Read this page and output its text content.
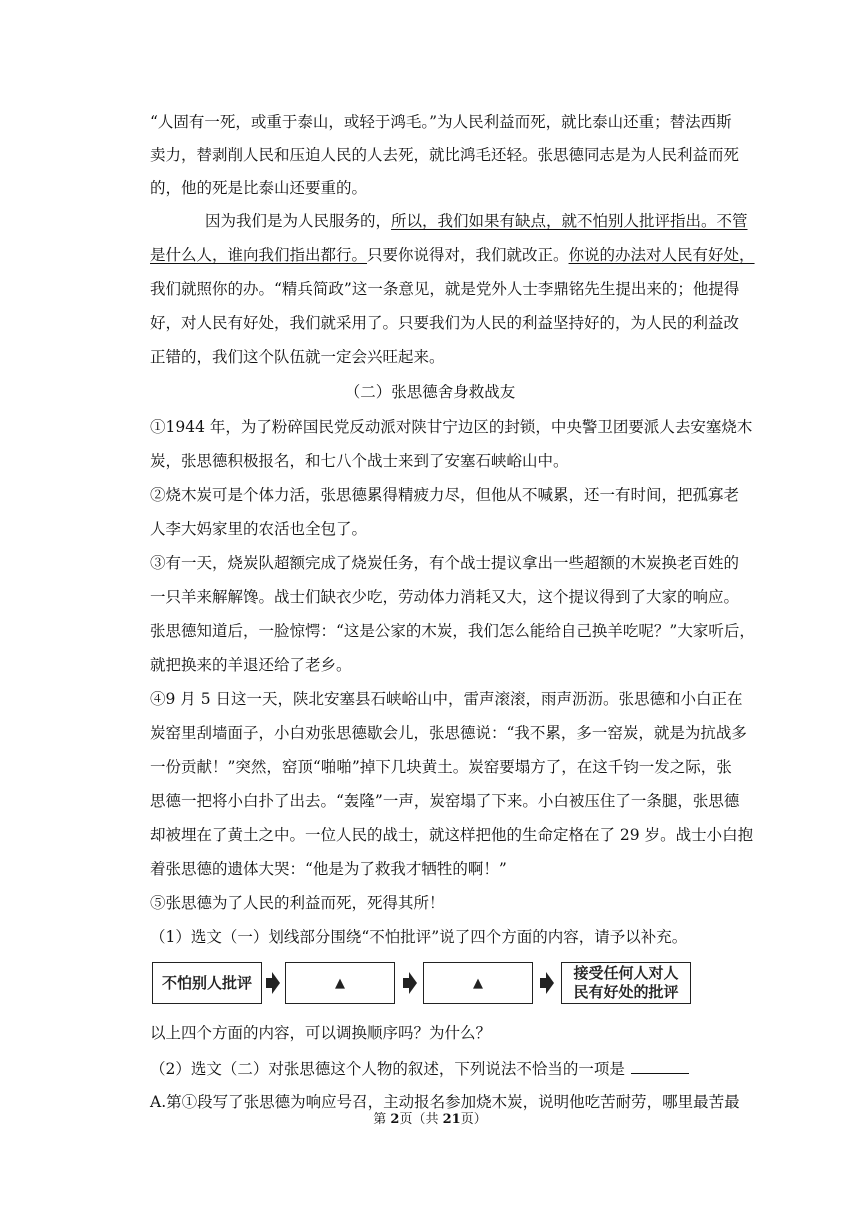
“人固有一死，或重于泰山，或轻于鸿毛。”为人民利益而死，就比泰山还重；替法西斯
卖力，替剥削人民和压迫人民的人去死，就比鸿毛还轻。张思德同志是为人民利益而死
的，他的死是比泰山还要重的。
因为我们是为人民服务的，所以，我们如果有缺点，就不怕别人批评指出。不管
是什么人，谁向我们指出都行。只要你说得对，我们就改正。你说的办法对人民有好处，
我们就照你的办。“精兵简政”这一条意见，就是党外人士李鼎铭先生提出来的；他提得
好，对人民有好处，我们就采用了。只要我们为人民的利益坚持好的，为人民的利益改
正错的，我们这个队伍就一定会兴旺起来。
（二）张思德舍身救战友
①1944 年，为了粉碎国民党反动派对陕甘宁边区的封锁，中央警卫团要派人去安塞烧木
炭，张思德积极报名，和七八个战士来到了安塞石峡峪山中。
②烧木炭可是个体力活，张思德累得精疲力尽，但他从不喊累，还一有时间，把孤寡老
人李大妈家里的农活也全包了。
③有一天，烧炭队超额完成了烧炭任务，有个战士提议拿出一些超额的木炭换老百姓的
一只羊来解解馋。战士们缺衣少吃，劳动体力消耗又大，这个提议得到了大家的响应。
张思德知道后，一脸惊愕：“这是公家的木炭，我们怎么能给自己换羊吃呢？”大家听后，
就把换来的羊退还给了老乡。
④9 月 5 日这一天，陕北安塞县石峡峪山中，雷声滚滚，雨声沥沥。张思德和小白正在
炭窑里刮墙面子，小白劝张思德歇会儿，张思德说：“我不累，多一窑炭，就是为抗战多
一份贡献！”突然，窑顶“啪啪”掉下几块黄土。炭窑要塌方了，在这千钧一发之际，张
思德一把将小白扑了出去。“轰隆”一声，炭窑塌了下来。小白被压住了一条腿，张思德
却被埋在了黄土之中。一位人民的战士，就这样把他的生命定格在了 29 岁。战士小白抱
着张思德的遗体大哭：“他是为了救我才牺牲的啊！”
⑤张思德为了人民的利益而死，死得其所！
（1）选文（一）划线部分围绕“不怕批评”说了四个方面的内容，请予以补充。
不怕别人批评	▲	▲
接受任何人对人
民有好处的批评
以上四个方面的内容，可以调换顺序吗？为什么？
（2）选文（二）对张思德这个人物的叙述，下列说法不恰当的一项是
A.第①段写了张思德为响应号召，主动报名参加烧木炭，说明他吃苦耐劳，哪里最苦最
第 2页（共 21页）
